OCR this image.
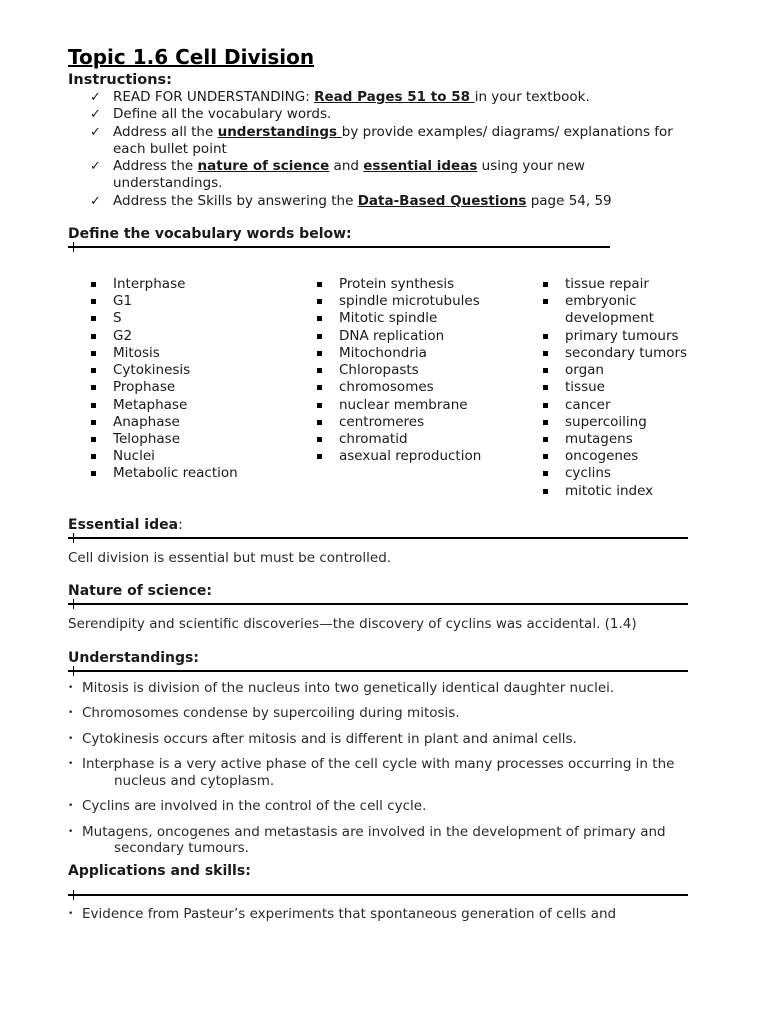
Topic 1.6 Cell Division
Instructions:
✓ READ FOR UNDERSTANDING: Read Pages 51 to 58 in your textbook.
✓ Define all the vocabulary words.
✓ Address all the understandings by provide examples/ diagrams/ explanations for each bullet point
✓ Address the nature of science and essential ideas using your new understandings.
✓ Address the Skills by answering the Data-Based Questions page 54, 59
Define the vocabulary words below:
Interphase
G1
S
G2
Mitosis
Cytokinesis
Prophase
Metaphase
Anaphase
Telophase
Nuclei
Metabolic reaction
Protein synthesis
spindle microtubules
Mitotic spindle
DNA replication
Mitochondria
Chloropasts
chromosomes
nuclear membrane
centromeres
chromatid
asexual reproduction
tissue repair
embryonic development
primary tumours
secondary tumors
organ
tissue
cancer
supercoiling
mutagens
oncogenes
cyclins
mitotic index
Essential idea:
Cell division is essential but must be controlled.
Nature of science:
Serendipity and scientific discoveries—the discovery of cyclins was accidental. (1.4)
Understandings:
• Mitosis is division of the nucleus into two genetically identical daughter nuclei.
• Chromosomes condense by supercoiling during mitosis.
• Cytokinesis occurs after mitosis and is different in plant and animal cells.
• Interphase is a very active phase of the cell cycle with many processes occurring in the
nucleus and cytoplasm.
• Cyclins are involved in the control of the cell cycle.
• Mutagens, oncogenes and metastasis are involved in the development of primary and
secondary tumours.
Applications and skills:
• Evidence from Pasteur’s experiments that spontaneous generation of cells and
